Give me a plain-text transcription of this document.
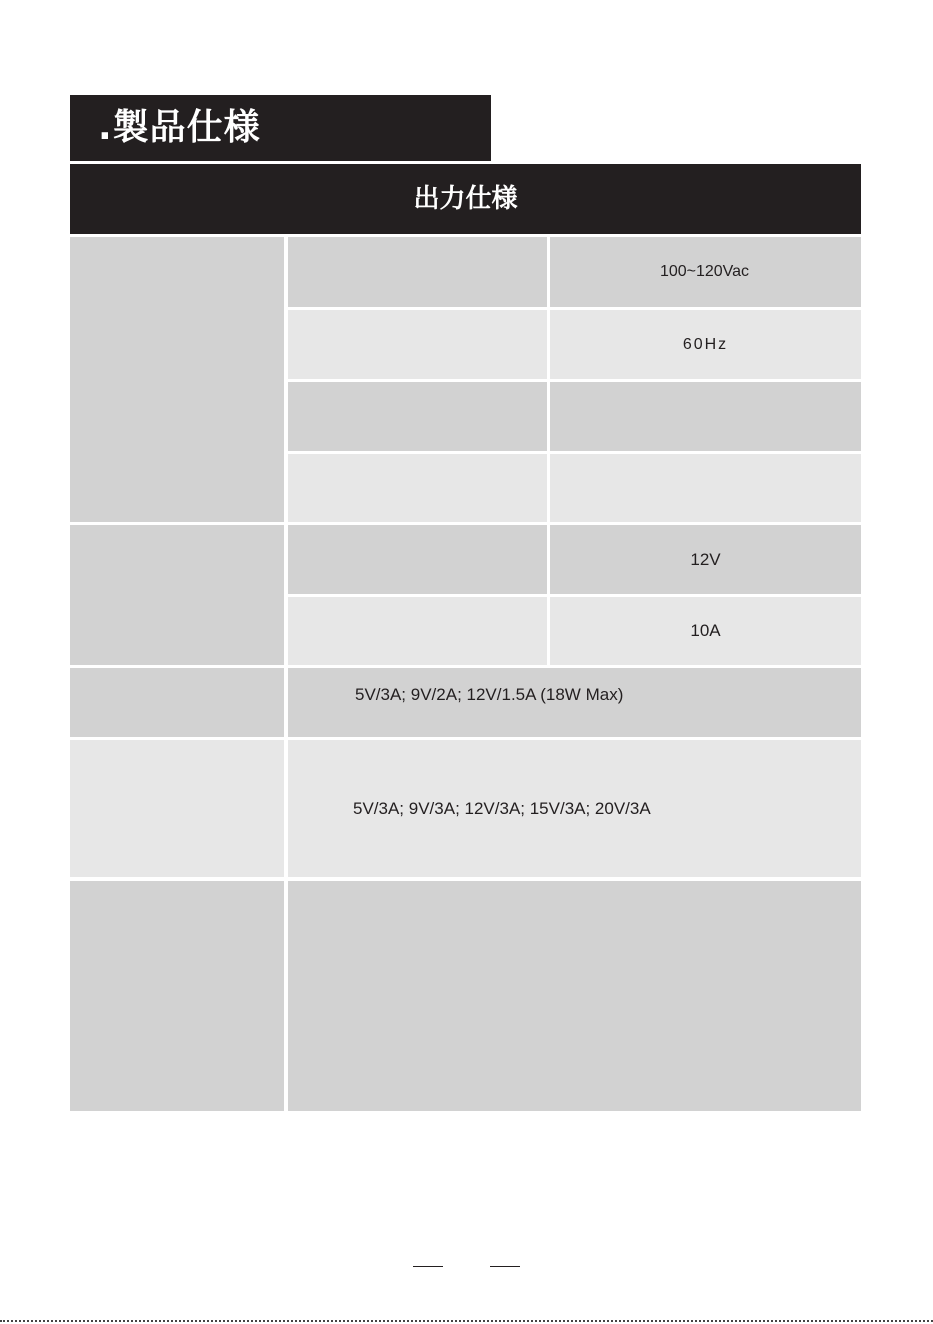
.製品仕様
出力仕様
100~120Vac
60Hz
12V
10A
5V/3A; 9V/2A; 12V/1.5A (18W Max)
5V/3A; 9V/3A; 12V/3A; 15V/3A; 20V/3A
